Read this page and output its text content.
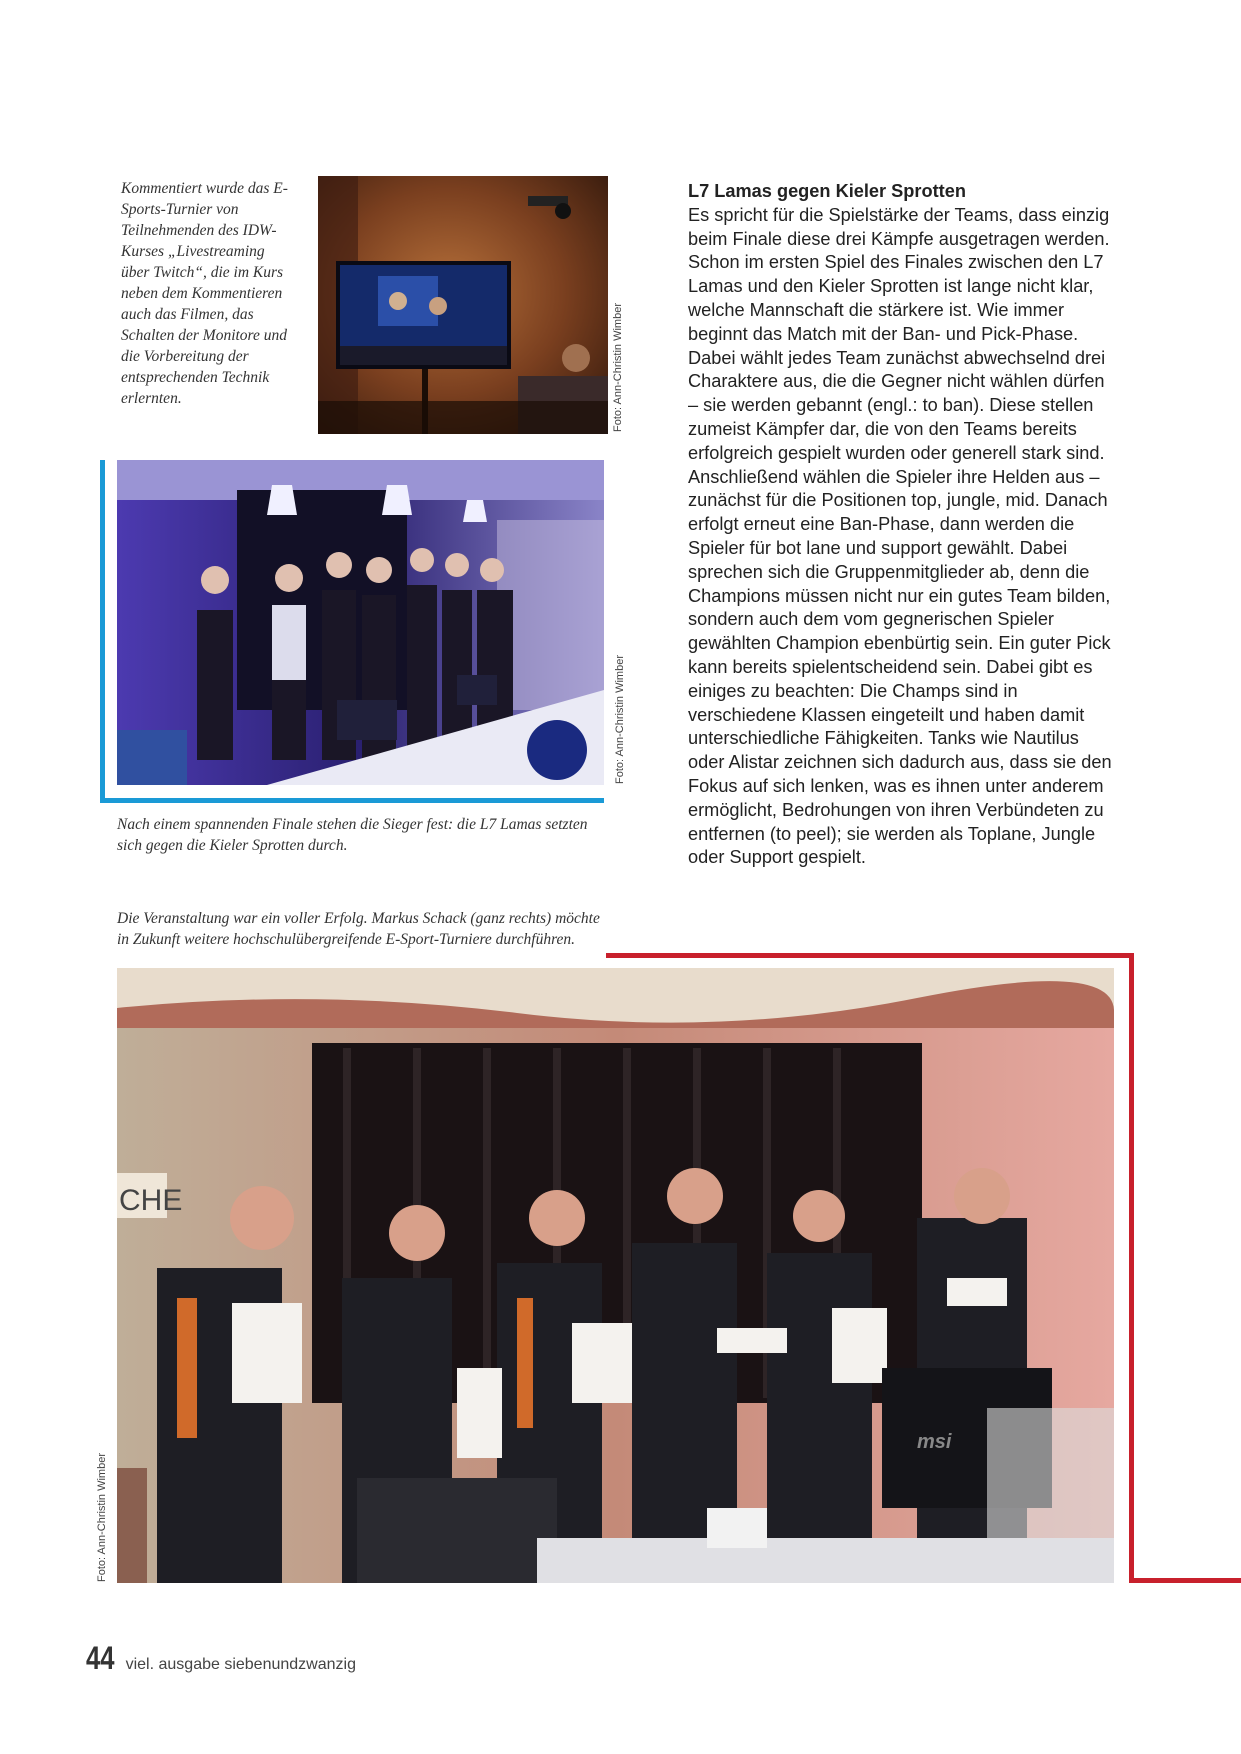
Kommentiert wurde das E-Sports-Turnier von Teilnehmenden des IDW-Kurses „Livestreaming über Twitch“, die im Kurs neben dem Kommentieren auch das Filmen, das Schalten der Monitore und die Vorbereitung der entsprechenden Technik erlernten.	Foto: Ann-Christin Wimber
Foto: Ann-Christin Wimber
Nach einem spannenden Finale stehen die Sieger fest: die L7 Lamas setzten sich gegen die Kieler Sprotten durch.
Die Veranstaltung war ein voller Erfolg. Markus Schack (ganz rechts) möchte in Zukunft weitere hochschulübergreifende E-Sport-Turniere durchführen.
L7 Lamas gegen Kieler Sprotten

Es spricht für die Spielstärke der Teams, dass einzig beim Finale diese drei Kämpfe ausgetragen werden. Schon im ersten Spiel des Finales zwischen den L7 Lamas und den Kieler Sprotten ist lange nicht klar, welche Mannschaft die stärkere ist. Wie immer beginnt das Match mit der Ban- und Pick-Phase. Dabei wählt jedes Team zunächst abwechselnd drei Charaktere aus, die die Gegner nicht wählen dürfen – sie werden gebannt (engl.: to ban). Diese stellen zumeist Kämpfer dar, die von den Teams bereits erfolgreich gespielt wurden oder generell stark sind. Anschließend wählen die Spieler ihre Helden aus – zunächst für die Positionen top, jungle, mid. Danach erfolgt erneut eine Ban-Phase, dann werden die Spieler für bot lane und support gewählt. Dabei sprechen sich die Gruppenmitglieder ab, denn die Champions müssen nicht nur ein gutes Team bilden, sondern auch dem vom gegnerischen Spieler gewählten Champion ebenbürtig sein. Ein guter Pick kann bereits spielentscheidend sein. Dabei gibt es einiges zu beachten: Die Champs sind in verschiedene Klassen eingeteilt und haben damit unterschiedliche Fähigkeiten. Tanks wie Nautilus oder Alistar zeichnen sich dadurch aus, dass sie den Fokus auf sich lenken, was es ihnen unter anderem ermöglicht, Bedrohungen von ihren Verbündeten zu entfernen (to peel); sie werden als Toplane, Jungle oder Support gespielt.

CHE
msi
Foto: Ann-Christin Wimber
44 viel. ausgabe siebenundzwanzig
